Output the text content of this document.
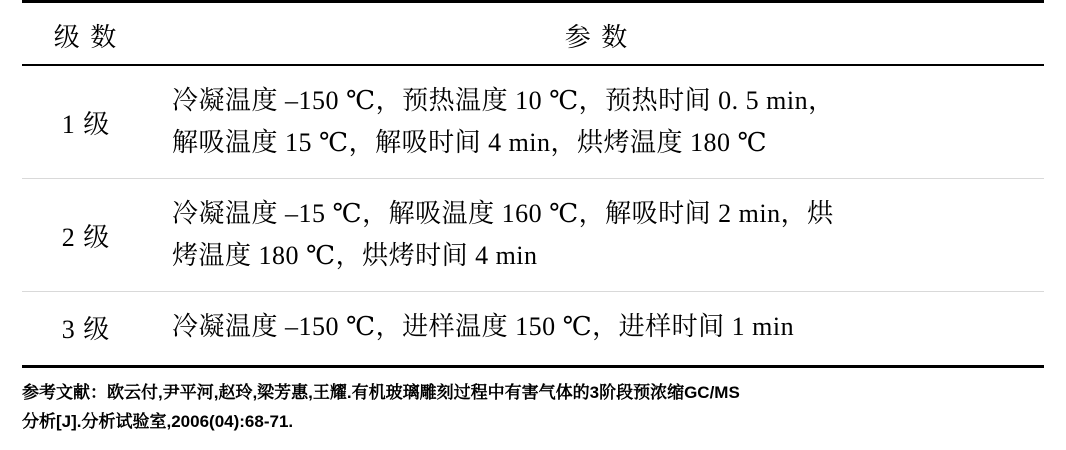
级 数	参 数
1 级	冷凝温度 –150 ℃，预热温度 10 ℃，预热时间 0. 5 min，
解吸温度 15 ℃，解吸时间 4 min，烘烤温度 180 ℃

2 级	冷凝温度 –15 ℃，解吸温度 160 ℃，解吸时间 2 min，烘
烤温度 180 ℃，烘烤时间 4 min

3 级	冷凝温度 –150 ℃，进样温度 150 ℃，进样时间 1 min
参考文献：欧云付,尹平河,赵玲,梁芳惠,王耀.有机玻璃雕刻过程中有害气体的3阶段预浓缩GC/MS
分析[J].分析试验室,2006(04):68-71.
